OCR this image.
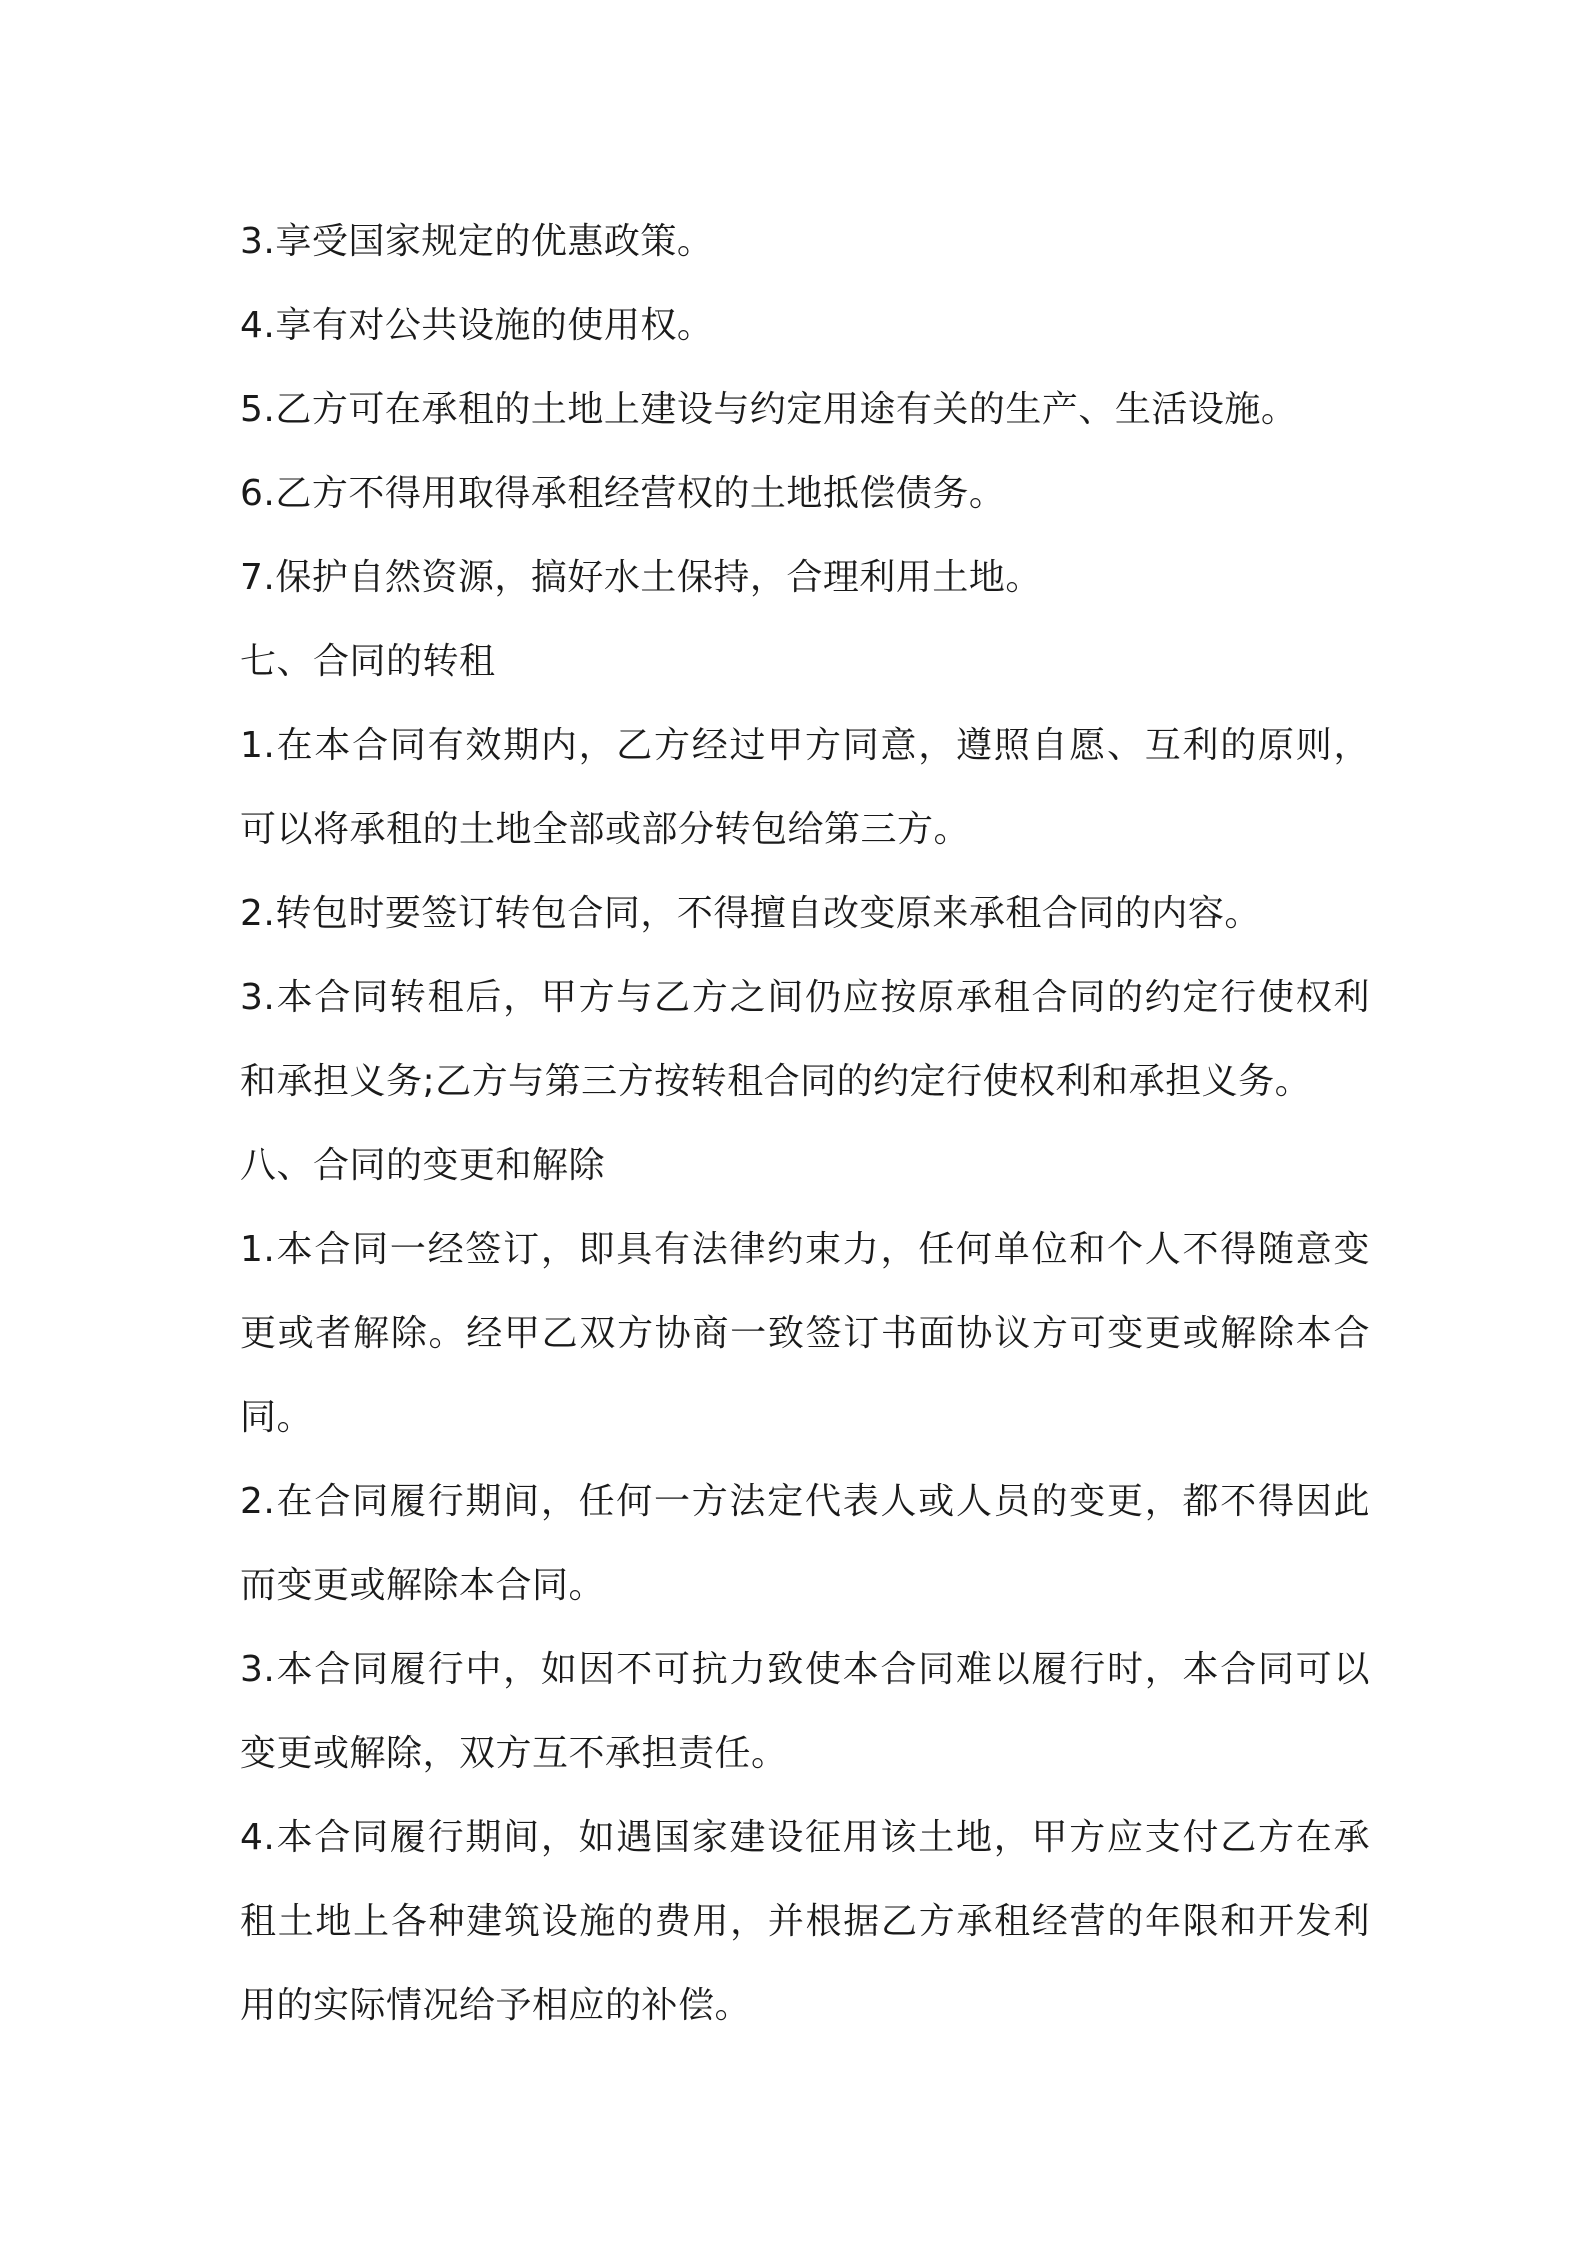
3.享受国家规定的优惠政策。

4.享有对公共设施的使用权。

5.乙方可在承租的土地上建设与约定用途有关的生产、生活设施。

6.乙方不得用取得承租经营权的土地抵偿债务。

7.保护自然资源，搞好水土保持，合理利用土地。

七、合同的转租

1.在本合同有效期内，乙方经过甲方同意，遵照自愿、互利的原则，可以将承租的土地全部或部分转包给第三方。

2.转包时要签订转包合同，不得擅自改变原来承租合同的内容。

3.本合同转租后，甲方与乙方之间仍应按原承租合同的约定行使权利和承担义务;乙方与第三方按转租合同的约定行使权利和承担义务。

八、合同的变更和解除

1.本合同一经签订，即具有法律约束力，任何单位和个人不得随意变更或者解除。经甲乙双方协商一致签订书面协议方可变更或解除本合同。

2.在合同履行期间，任何一方法定代表人或人员的变更，都不得因此而变更或解除本合同。

3.本合同履行中，如因不可抗力致使本合同难以履行时，本合同可以变更或解除，双方互不承担责任。

4.本合同履行期间，如遇国家建设征用该土地，甲方应支付乙方在承租土地上各种建筑设施的费用，并根据乙方承租经营的年限和开发利用的实际情况给予相应的补偿。
